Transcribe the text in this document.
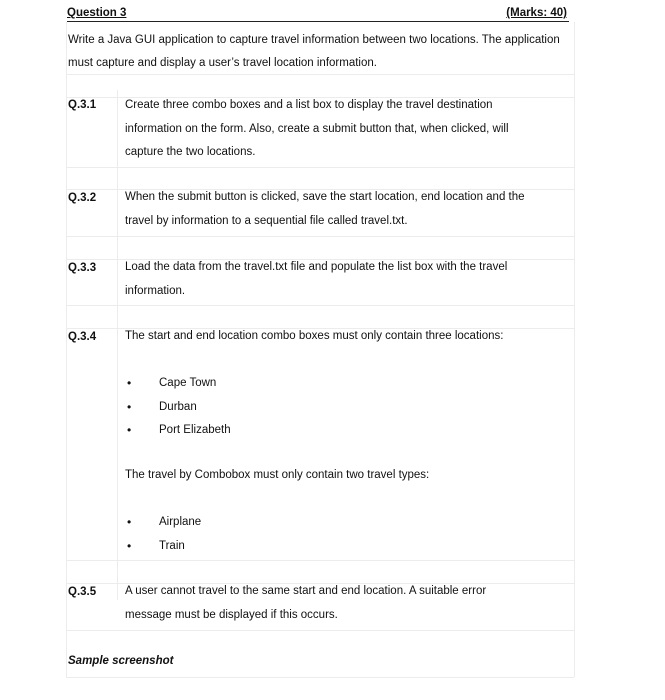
Question 3	(Marks: 40)
Write a Java GUI application to capture travel information between two locations. The application must capture and display a user’s travel location information.
Q.3.1	Create three combo boxes and a list box to display the travel destination information on the form. Also, create a submit button that, when clicked, will capture the two locations.
Q.3.2	When the submit button is clicked, save the start location, end location and the travel by information to a sequential file called travel.txt.
Q.3.3	Load the data from the travel.txt file and populate the list box with the travel information.
Q.3.4	The start and end location combo boxes must only contain three locations:
• Cape Town
• Durban
• Port Elizabeth
The travel by Combobox must only contain two travel types:
• Airplane
• Train
Q.3.5	A user cannot travel to the same start and end location. A suitable error message must be displayed if this occurs.
Sample screenshot
